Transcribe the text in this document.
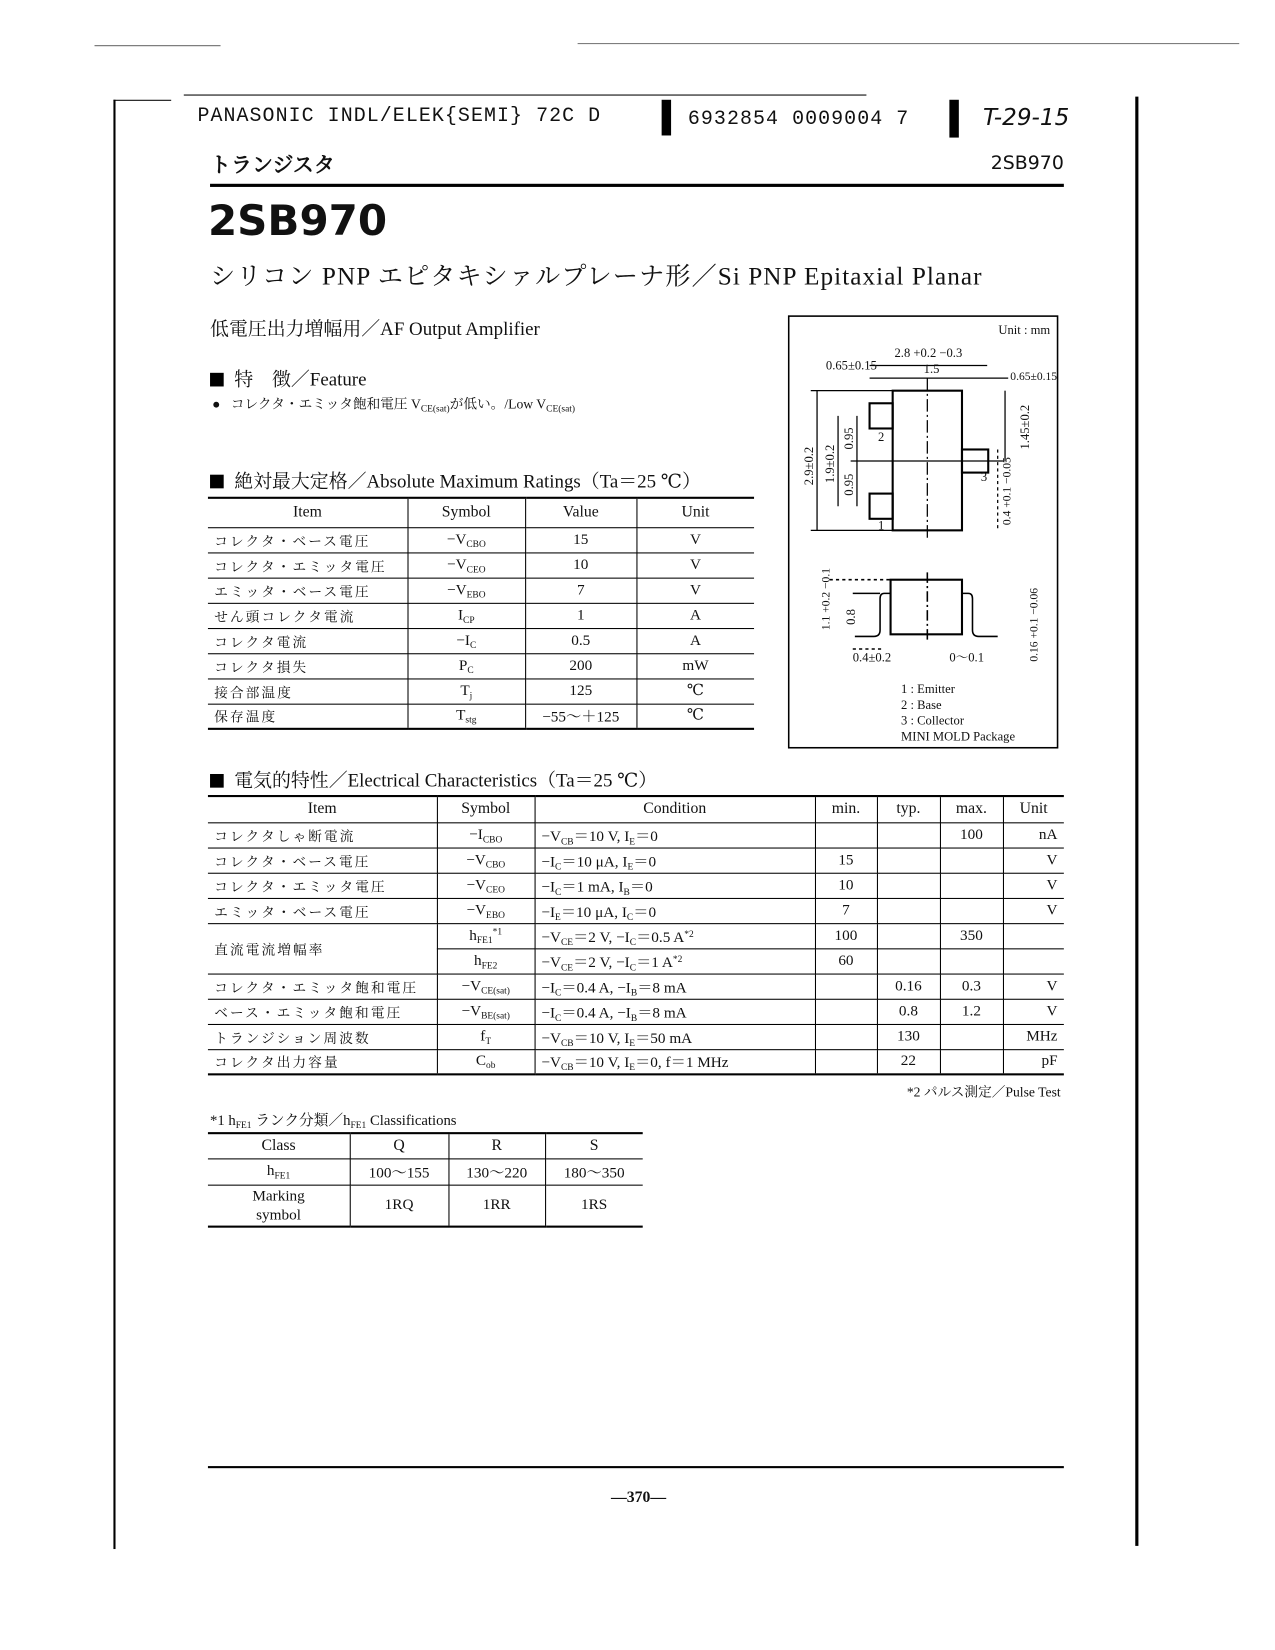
PANASONIC INDL/ELEK{SEMI} 72C D	6932854 0009004 7	T-29-15
トランジスタ	2SB970
2SB970
シリコン PNP エピタキシァルプレーナ形／Si PNP Epitaxial Planar
低電圧出力増幅用／AF Output Amplifier
特　徴／Feature
● コレクタ・エミッタ飽和電圧 $V_{CE(sat)}$が低い。/Low $V_{CE(sat)}$
絶対最大定格／Absolute Maximum Ratings（Ta＝25 ℃）
Item	Symbol	Value	Unit
コレクタ・ベース電圧	$-V_{CBO}$	15	V
コレクタ・エミッタ電圧	$-V_{CEO}$	10	V
エミッタ・ベース電圧	$-V_{EBO}$	7	V
せん頭コレクタ電流	$I_{CP}$	1	A
コレクタ電流	$-I_C$	0.5	A
コレクタ損失	$P_C$	200	mW
接合部温度	$T_j$	125	℃
保存温度	$T_{stg}$	−55〜＋125	℃
Unit : mm
0.65±0.15
2.8 +0.2 −0.3
1.5
0.65±0.15
2.9±0.2 1.9±0.2
0.95
0.95
1.45±0.2
0.4 +0.1 −0.05
2
1
3
1.1 +0.2 −0.1 0.8	0.16 +0.1 −0.06
0.4±0.2	0〜0.1
1 : Emitter
2 : Base
3 : Collector
MINI MOLD Package
電気的特性／Electrical Characteristics（Ta＝25 ℃）
Item	Symbol	Condition	min.	typ.	max.	Unit
コレクタしゃ断電流	$-I_{CBO}$	$-V_{CB}=10$ V, $I_E=0$			100	nA
コレクタ・ベース電圧	$-V_{CBO}$	$-I_C=10$ μA, $I_E=0$	15			V
コレクタ・エミッタ電圧	$-V_{CEO}$	$-I_C=1$ mA, $I_B=0$	10			V
エミッタ・ベース電圧	$-V_{EBO}$	$-I_E=10$ μA, $I_C=0$	7			V
直流電流増幅率	$h_{FE1}^{*1}$	$-V_{CE}=2$ V, $-I_C=0.5$ $A^{*2}$	100		350	
	$h_{FE2}$	$-V_{CE}=2$ V, $-I_C=1$ $A^{*2}$	60			
コレクタ・エミッタ飽和電圧	$-V_{CE(sat)}$	$-I_C=0.4$ A, $-I_B=8$ mA		0.16	0.3	V
ベース・エミッタ飽和電圧	$-V_{BE(sat)}$	$-I_C=0.4$ A, $-I_B=8$ mA		0.8	1.2	V
トランジション周波数	$f_T$	$-V_{CB}=10$ V, $I_E=50$ mA		130		MHz
コレクタ出力容量	$C_{ob}$	$-V_{CB}=10$ V, $I_E=0$, f＝1 MHz		22		pF
*2 パルス測定／Pulse Test
*1 $h_{FE1}$ ランク分類$/h_{FE1}$ Classifications
Class	Q	R	S
$h_{FE1}$	100〜155	130〜220	180〜350
Marking
symbol	1RQ	1RR	1RS
—370—
